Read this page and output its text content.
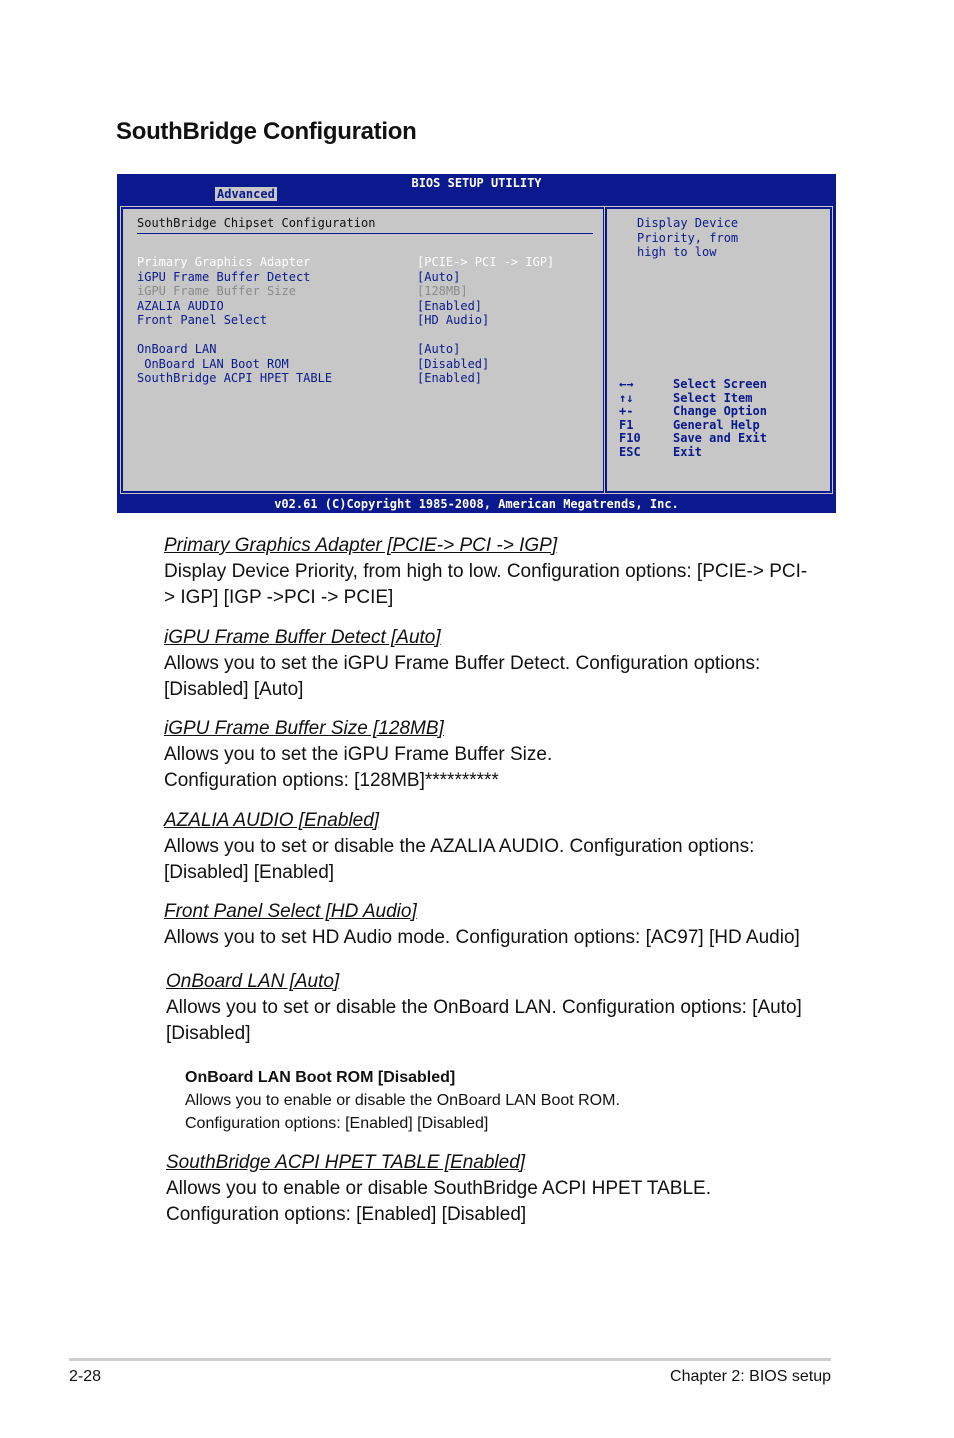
SouthBridge Configuration
BIOS SETUP UTILITY
Advanced
SouthBridge Chipset Configuration
Primary Graphics Adapter	[PCIE-> PCI -> IGP]
iGPU Frame Buffer Detect	[Auto]
iGPU Frame Buffer Size	[128MB]
AZALIA AUDIO	[Enabled]
Front Panel Select	[HD Audio]
OnBoard LAN	[Auto]
OnBoard LAN Boot ROM	[Disabled]
SouthBridge ACPI HPET TABLE	[Enabled]
Display Device
Priority, from
high to low
←→	Select Screen
↑↓	Select Item
+-	Change Option
F1	General Help
F10	Save and Exit
ESC	Exit
v02.61 (C)Copyright 1985-2008, American Megatrends, Inc.
Primary Graphics Adapter [PCIE-> PCI -> IGP]
Display Device Priority, from high to low. Configuration options: [PCIE-> PCI-
> IGP] [IGP ->PCI -> PCIE]
iGPU Frame Buffer Detect [Auto]
Allows you to set the iGPU Frame Buffer Detect. Configuration options:
[Disabled] [Auto]
iGPU Frame Buffer Size [128MB]
Allows you to set the iGPU Frame Buffer Size.
Configuration options: [128MB]**********
AZALIA AUDIO [Enabled]
Allows you to set or disable the AZALIA AUDIO. Configuration options:
[Disabled] [Enabled]
Front Panel Select [HD Audio]
Allows you to set HD Audio mode. Configuration options: [AC97] [HD Audio]
OnBoard LAN [Auto]
Allows you to set or disable the OnBoard LAN. Configuration options: [Auto]
[Disabled]
OnBoard LAN Boot ROM [Disabled]
Allows you to enable or disable the OnBoard LAN Boot ROM.
Configuration options: [Enabled] [Disabled]
SouthBridge ACPI HPET TABLE [Enabled]
Allows you to enable or disable SouthBridge ACPI HPET TABLE.
Configuration options: [Enabled] [Disabled]
2-28	Chapter 2: BIOS setup
